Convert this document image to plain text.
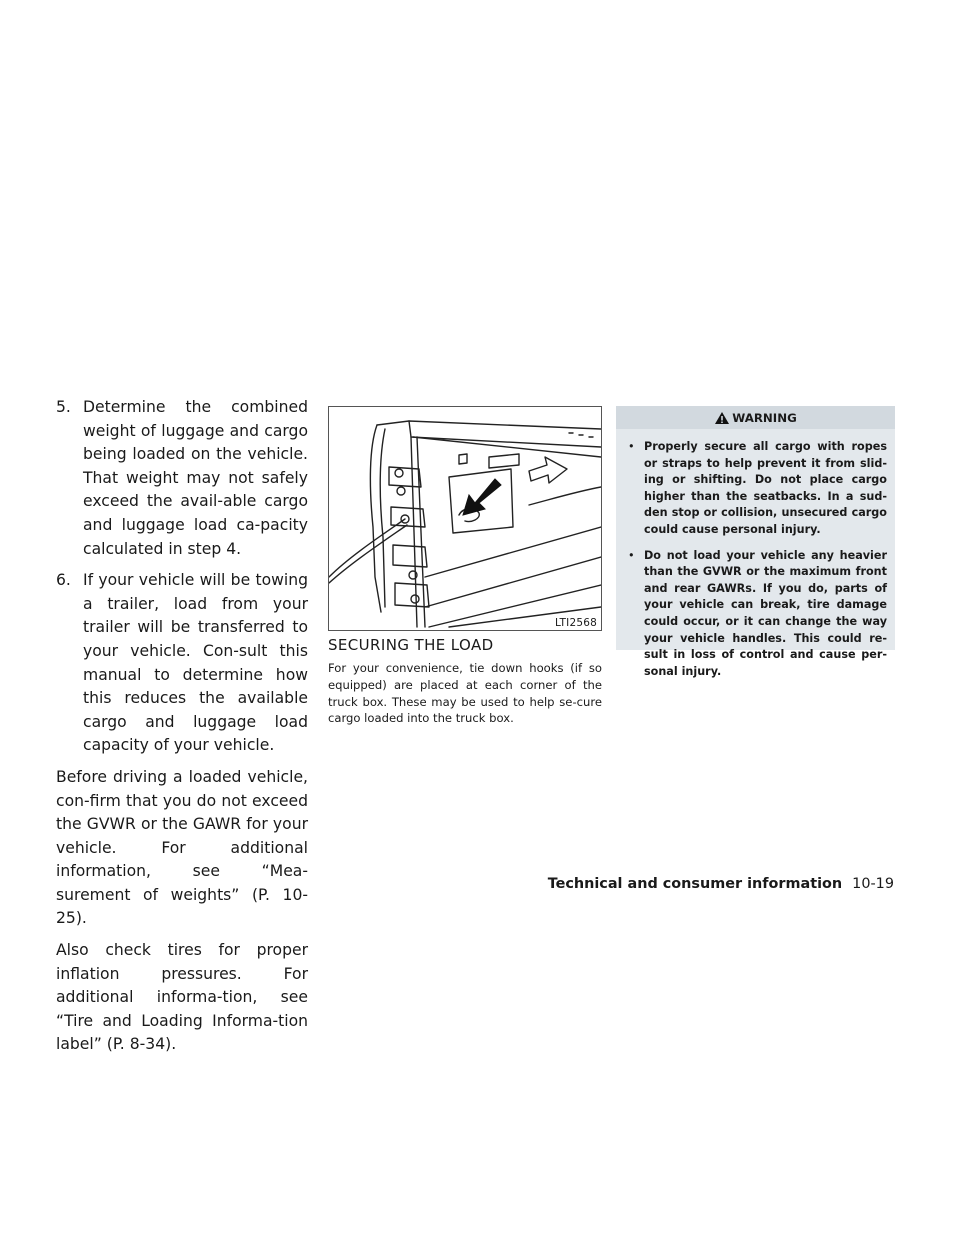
5. Determine the combined weight of luggage and cargo being loaded on the vehicle. That weight may not safely exceed the avail-able cargo and luggage load ca-pacity calculated in step 4.

6. If your vehicle will be towing a trailer, load from your trailer will be transferred to your vehicle. Con-sult this manual to determine how this reduces the available cargo and luggage load capacity of your vehicle.

Before driving a loaded vehicle, con-firm that you do not exceed the GVWR or the GAWR for your vehicle. For additional information, see “Mea-surement of weights” (P. 10-25).

Also check tires for proper inflation pressures. For additional informa-tion, see “Tire and Loading Informa-tion label” (P. 8-34).

LTI2568
SECURING THE LOAD

For your convenience, tie down hooks (if so equipped) are placed at each corner of the truck box. These may be used to help se-cure cargo loaded into the truck box.

WARNING
• Properly secure all cargo with ropes or straps to help prevent it from slid-ing or shifting. Do not place cargo higher than the seatbacks. In a sud-den stop or collision, unsecured cargo could cause personal injury.
• Do not load your vehicle any heavier than the GVWR or the maximum front and rear GAWRs. If you do, parts of your vehicle can break, tire damage could occur, or it can change the way your vehicle handles. This could re-sult in loss of control and cause per-sonal injury.
Technical and consumer information 10-19
